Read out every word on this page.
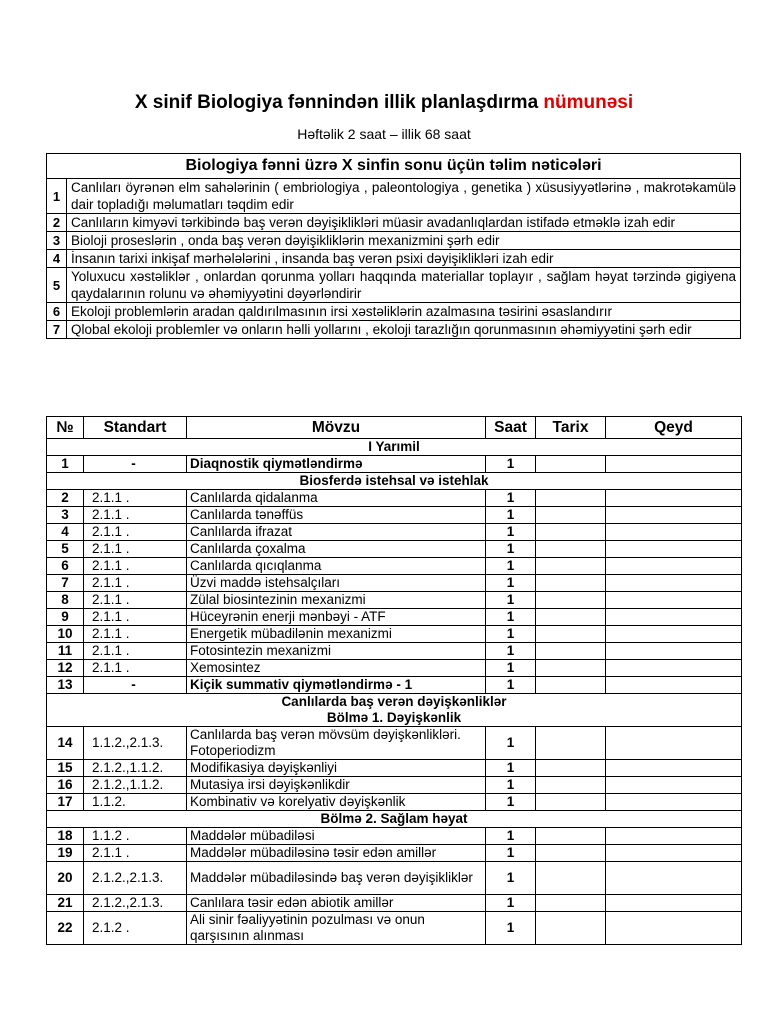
X sinif Biologiya fənnindən illik planlaşdırma nümunəsi
Həftəlik 2 saat – illik 68 saat
Biologiya fənni üzrə X sinfin sonu üçün təlim nəticələri	
1	Canlıları öyrənən elm sahələrinin ( embriologiya , paleontologiya , genetika ) xüsusiyyətlərinə , makrotəkamülə dair topladığı məlumatları təqdim edir
2	Canlıların kimyəvi tərkibində baş verən dəyişiklikləri müasir avadanlıqlardan istifadə etməklə izah edir
3	Bioloji proseslərin , onda baş verən dəyişikliklərin mexanizmini şərh edir
4	İnsanın tarixi inkişaf mərhələlərini , insanda baş verən psixi dəyişiklikləri izah edir
5	Yoluxucu xəstəliklər , onlardan qorunma yolları haqqında materiallar toplayır , sağlam həyat tərzində gigiyena qaydalarının rolunu və əhəmiyyətini dəyərləndirir
6	Ekoloji problemlərin aradan qaldırılmasının irsi xəstəliklərin azalmasına təsirini əsaslandırır
7	Qlobal ekoloji problemler və onların həlli yollarını , ekoloji tarazlığın qorunmasının əhəmiyyətini şərh edir
№	Standart	Mövzu	Saat	Tarix	Qeyd
I Yarımil					
1	-	Diaqnostik qiymətləndirmə	1		
Biosferdə istehsal və istehlak					
2	2.1.1 .	Canlılarda qidalanma	1		
3	2.1.1 .	Canlılarda tənəffüs	1		
4	2.1.1 .	Canlılarda ifrazat	1		
5	2.1.1 .	Canlılarda çoxalma	1		
6	2.1.1 .	Canlılarda qıcıqlanma	1		
7	2.1.1 .	Üzvi maddə istehsalçıları	1		
8	2.1.1 .	Zülal biosintezinin mexanizmi	1		
9	2.1.1 .	Hüceyrənin enerji mənbəyi - ATF	1		
10	2.1.1 .	Energetik mübadilənin mexanizmi	1		
11	2.1.1 .	Fotosintezin mexanizmi	1		
12	2.1.1 .	Xemosintez	1		
13	-	Kiçik summativ qiymətləndirmə - 1	1		
Canlılarda baş verən dəyişkənliklər
Bölmə 1. Dəyişkənlik					
14	1.1.2.,2.1.3.	Canlılarda baş verən mövsüm dəyişkənlikləri. Fotoperiodizm	1		
15	2.1.2.,1.1.2.	Modifikasiya dəyişkənliyi	1		
16	2.1.2.,1.1.2.	Mutasiya irsi dəyişkənlikdir	1		
17	1.1.2.	Kombinativ və korelyativ dəyişkənlik	1		
Bölmə 2. Sağlam həyat					
18	1.1.2 .	Maddələr mübadiləsi	1		
19	2.1.1 .	Maddələr mübadiləsinə təsir edən amillər	1		
20	2.1.2.,2.1.3.	Maddələr mübadiləsində baş verən dəyişikliklər	1		
21	2.1.2.,2.1.3.	Canlılara təsir edən abiotik amillər	1		
22	2.1.2 .	Ali sinir fəaliyyətinin pozulması və onun qarşısının alınması	1		
